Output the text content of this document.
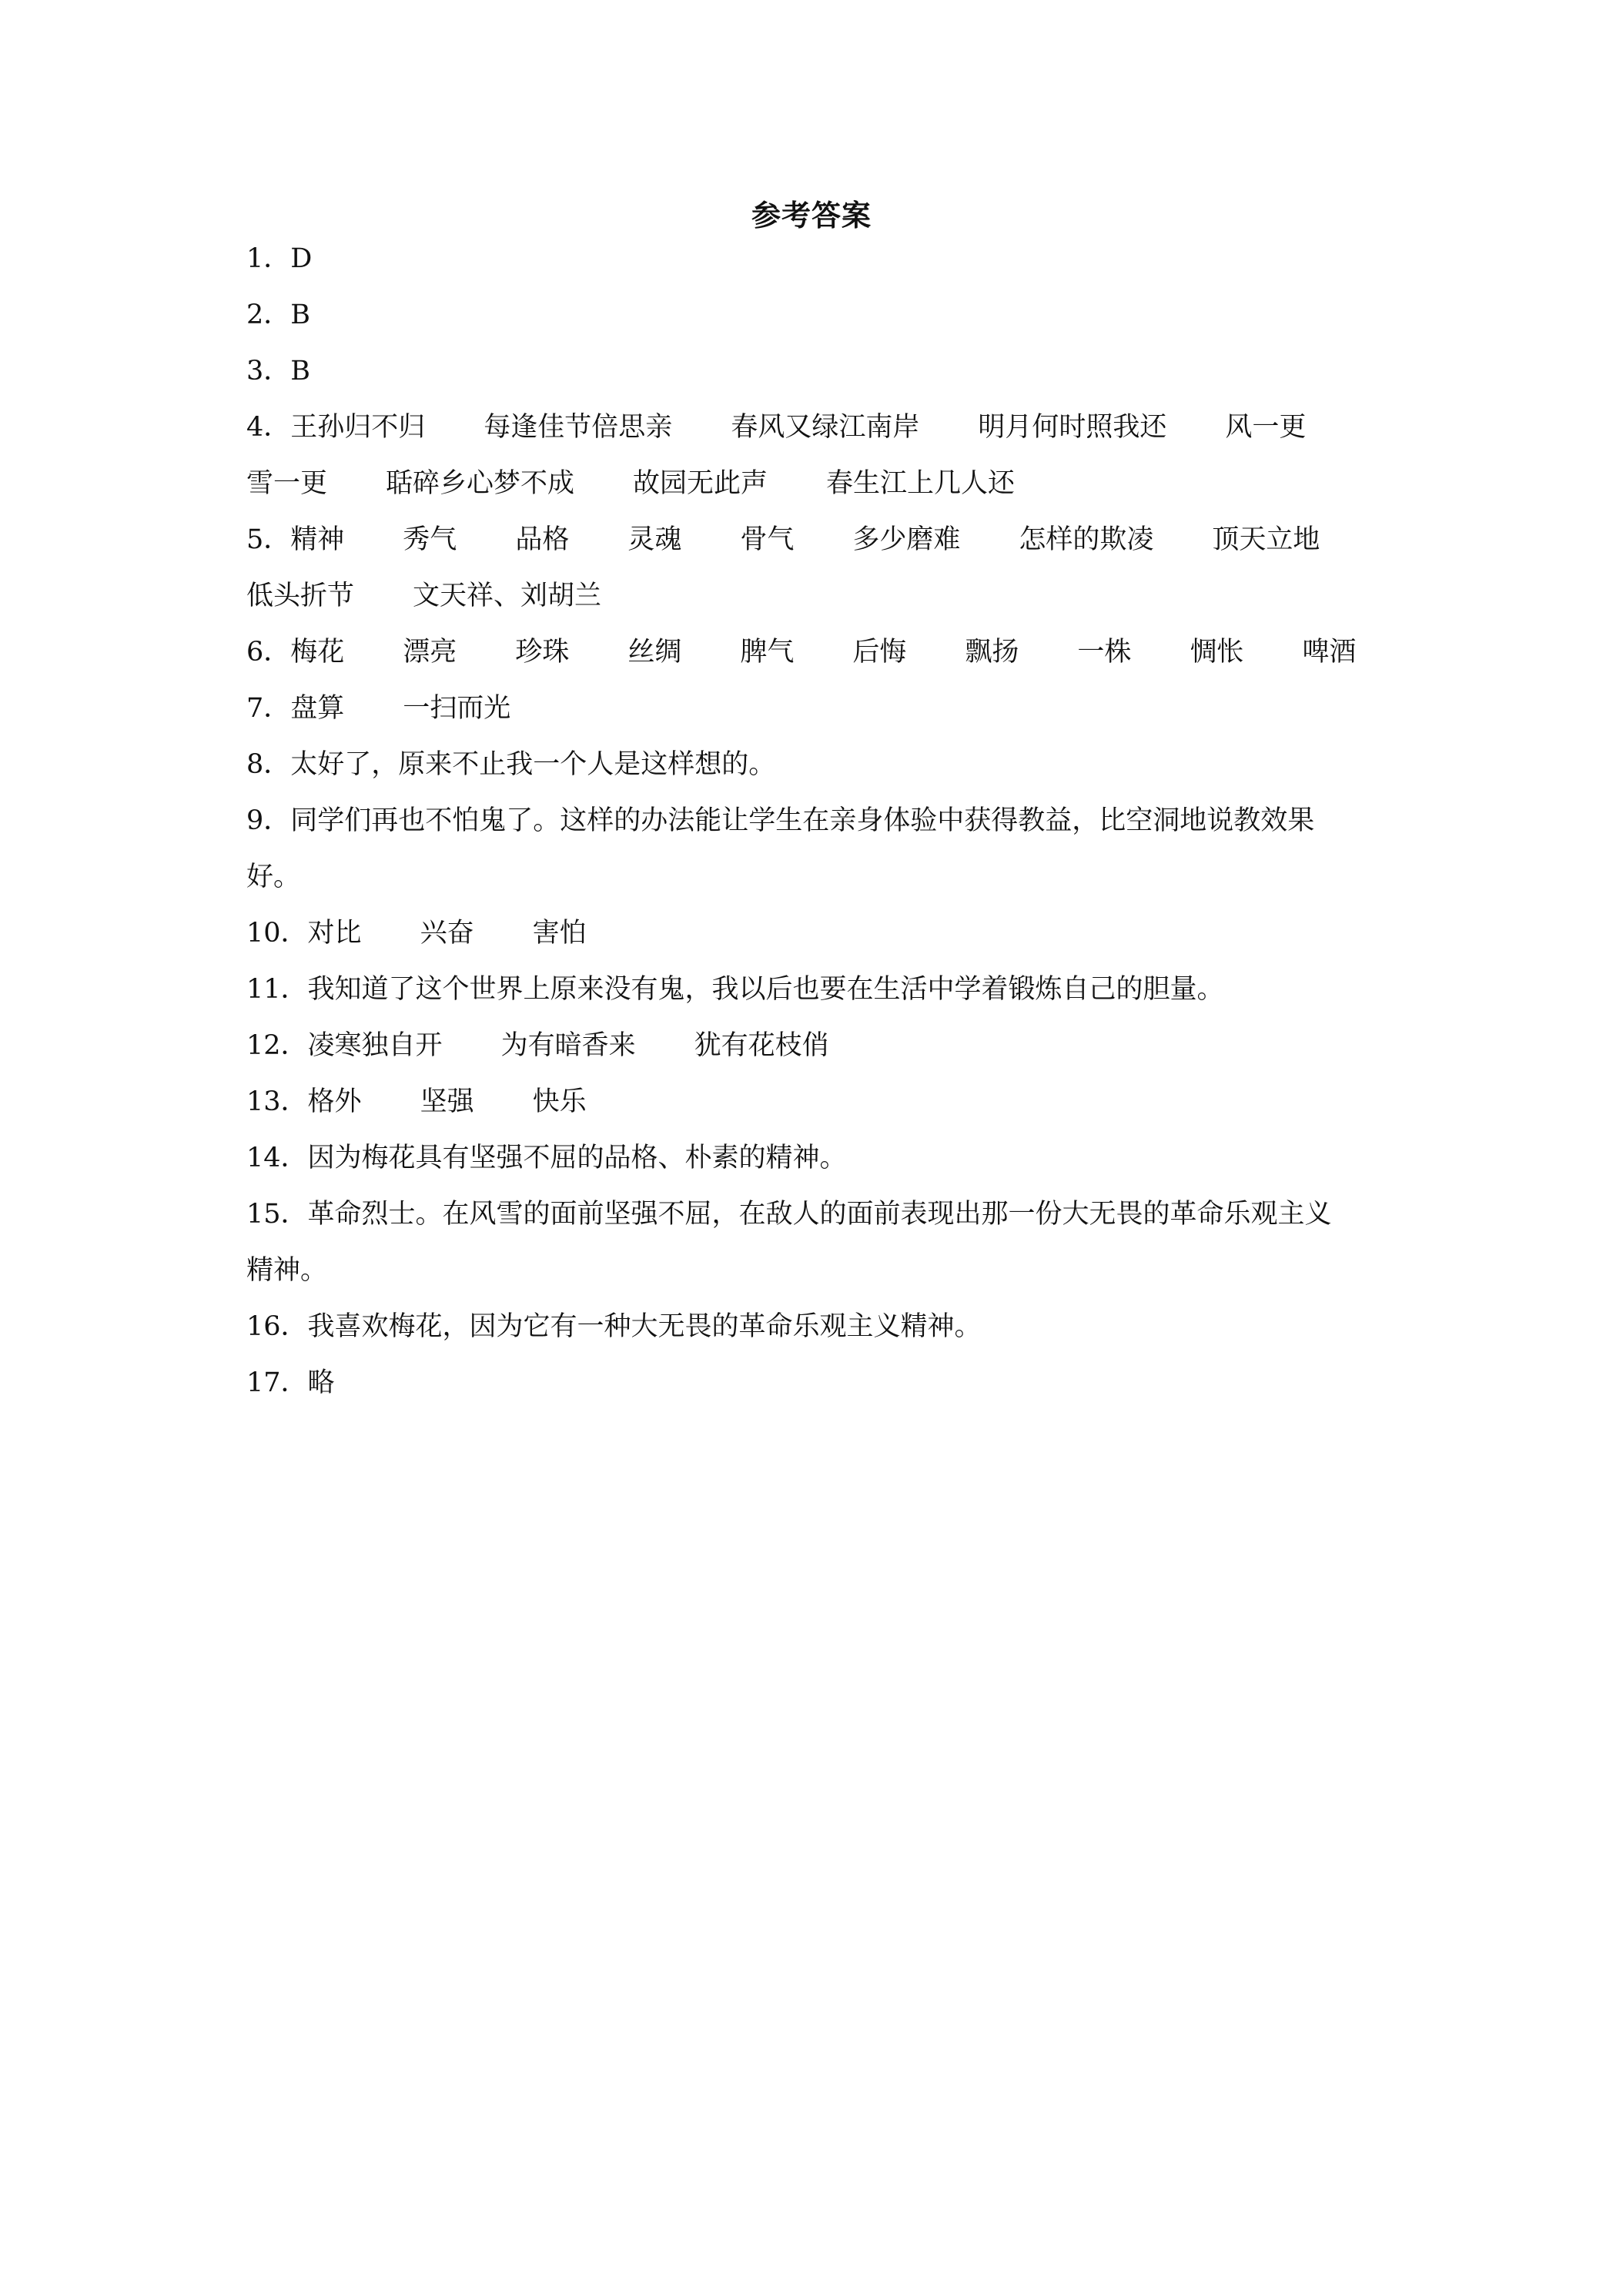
参考答案
1．D
2．B
3．B
4．王孙归不归 每逢佳节倍思亲 春风又绿江南岸 明月何时照我还 风一更
雪一更 聒碎乡心梦不成 故园无此声 春生江上几人还
5．精神 秀气 品格 灵魂 骨气 多少磨难 怎样的欺凌 顶天立地
低头折节 文天祥、刘胡兰
6．梅花 漂亮 珍珠 丝绸 脾气 后悔 飘扬 一株 惆怅 啤酒
7．盘算 一扫而光
8．太好了，原来不止我一个人是这样想的。
9．同学们再也不怕鬼了。这样的办法能让学生在亲身体验中获得教益，比空洞地说教效果
好。
10．对比 兴奋 害怕
11．我知道了这个世界上原来没有鬼，我以后也要在生活中学着锻炼自己的胆量。
12．凌寒独自开 为有暗香来 犹有花枝俏
13．格外 坚强 快乐
14．因为梅花具有坚强不屈的品格、朴素的精神。
15．革命烈士。在风雪的面前坚强不屈，在敌人的面前表现出那一份大无畏的革命乐观主义
精神。
16．我喜欢梅花，因为它有一种大无畏的革命乐观主义精神。
17．略
